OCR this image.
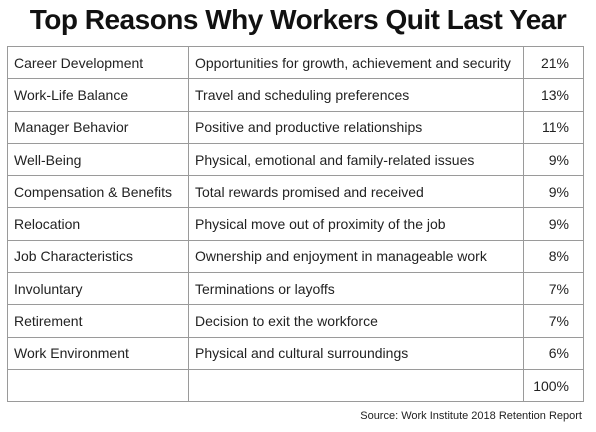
Top Reasons Why Workers Quit Last Year
Career Development	Opportunities for growth, achievement and security	21%
Work-Life Balance	Travel and scheduling preferences	13%
Manager Behavior	Positive and productive relationships	11%
Well-Being	Physical, emotional and family-related issues	9%
Compensation & Benefits	Total rewards promised and received	9%
Relocation	Physical move out of proximity of the job	9%
Job Characteristics	Ownership and enjoyment in manageable work	8%
Involuntary	Terminations or layoffs	7%
Retirement	Decision to exit the workforce	7%
Work Environment	Physical and cultural surroundings	6%
		100%
Source: Work Institute 2018 Retention Report
